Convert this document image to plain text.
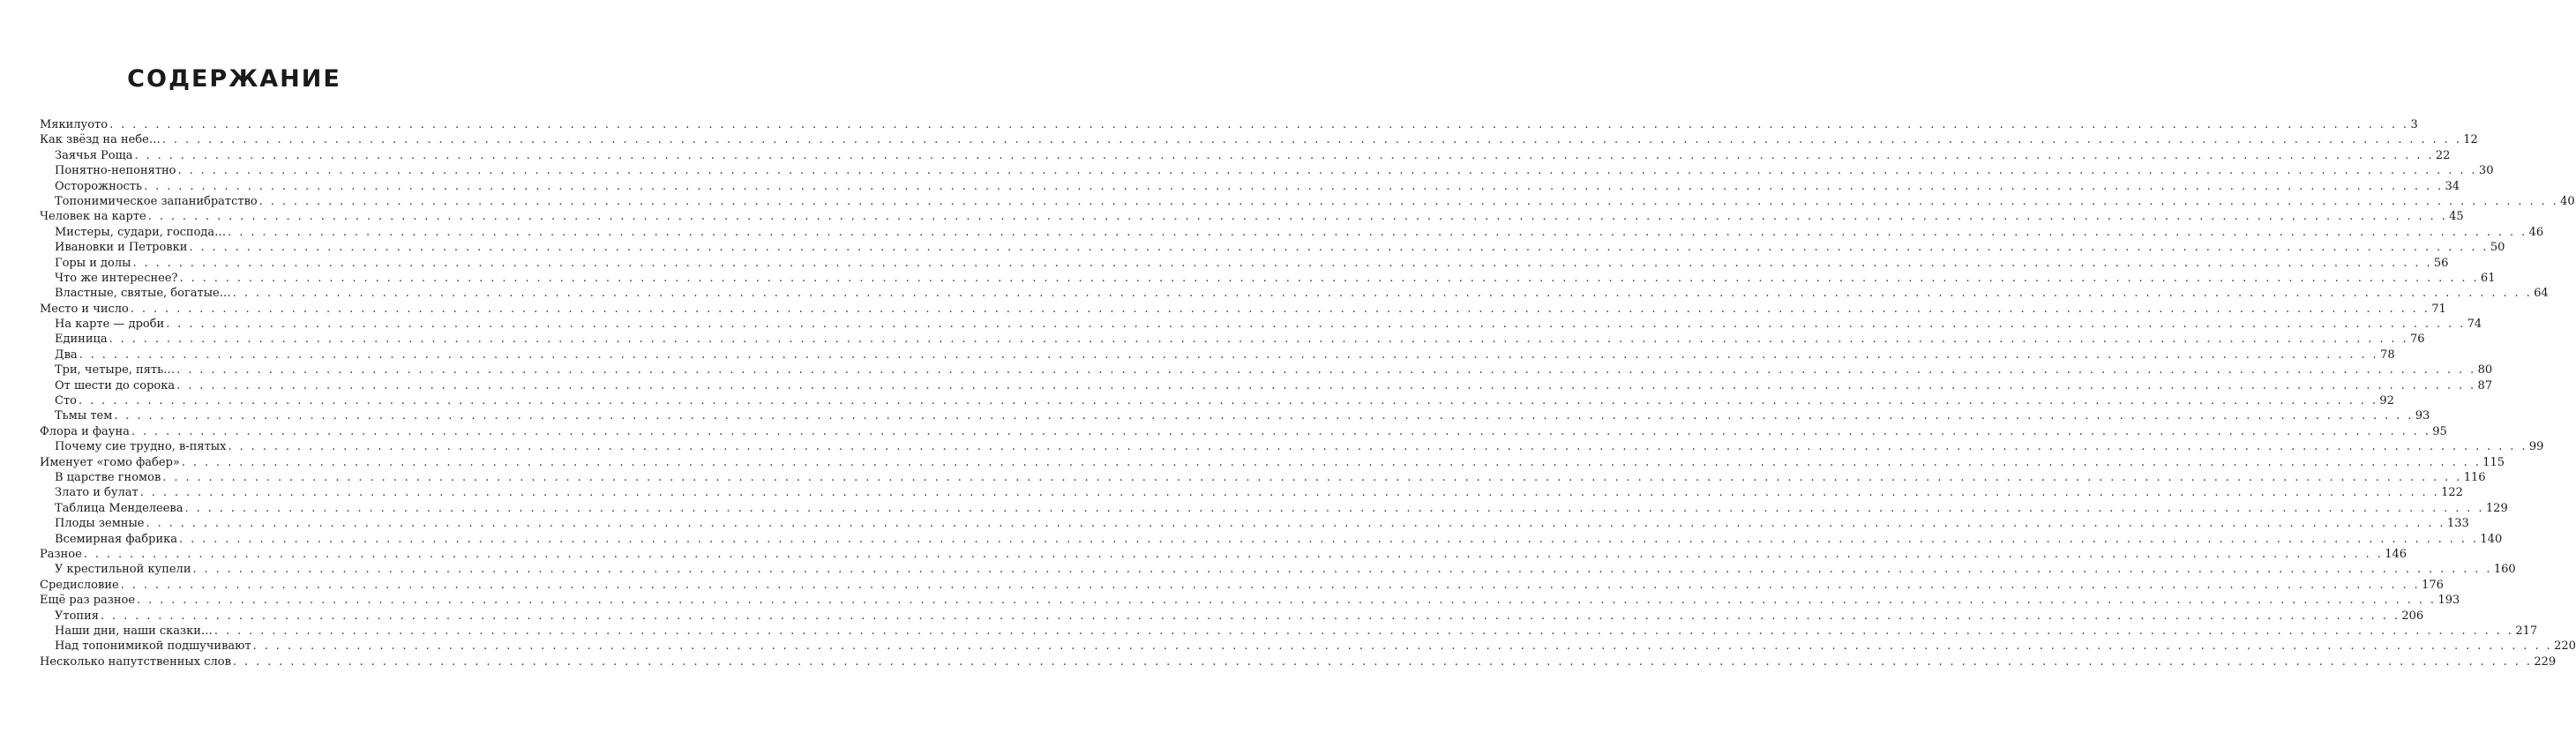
СОДЕРЖАНИЕ
Мякилуото . . . . . . . . . . . . . . . . . . . . . . . . . . . . . . . . . . . . . . . . . . . . . . . . . . . . . . . . . . . . . . . . . . . . . . . . . . . . . . . . . . . . . . . . . . . . . . . . . . . . . . . . . . . . . . . . . . . . . . . . . . . . . . . . . . . . . . . . . . . . . . . . . . . . . . . . . . . . . . . . . . . . . . . . . . . . . . . . . . . . . . . . . . . . . . . . . . . . . . . . 3
Как звёзд на небе… . . . . . . . . . . . . . . . . . . . . . . . . . . . . . . . . . . . . . . . . . . . . . . . . . . . . . . . . . . . . . . . . . . . . . . . . . . . . . . . . . . . . . . . . . . . . . . . . . . . . . . . . . . . . . . . . . . . . . . . . . . . . . . . . . . . . . . . . . . . . . . . . . . . . . . . . . . . . . . . . . . . . . . . . . . . . . . . . . . . . . . . . . . . . . . . . . . . . . . . . 12
Заячья Роща . . . . . . . . . . . . . . . . . . . . . . . . . . . . . . . . . . . . . . . . . . . . . . . . . . . . . . . . . . . . . . . . . . . . . . . . . . . . . . . . . . . . . . . . . . . . . . . . . . . . . . . . . . . . . . . . . . . . . . . . . . . . . . . . . . . . . . . . . . . . . . . . . . . . . . . . . . . . . . . . . . . . . . . . . . . . . . . . . . . . . . . . . . . . . . . . . . . . . . . . 22
Понятно-непонятно . . . . . . . . . . . . . . . . . . . . . . . . . . . . . . . . . . . . . . . . . . . . . . . . . . . . . . . . . . . . . . . . . . . . . . . . . . . . . . . . . . . . . . . . . . . . . . . . . . . . . . . . . . . . . . . . . . . . . . . . . . . . . . . . . . . . . . . . . . . . . . . . . . . . . . . . . . . . . . . . . . . . . . . . . . . . . . . . . . . . . . . . . . . . . . . . . . . . . . . . 30
Осторожность . . . . . . . . . . . . . . . . . . . . . . . . . . . . . . . . . . . . . . . . . . . . . . . . . . . . . . . . . . . . . . . . . . . . . . . . . . . . . . . . . . . . . . . . . . . . . . . . . . . . . . . . . . . . . . . . . . . . . . . . . . . . . . . . . . . . . . . . . . . . . . . . . . . . . . . . . . . . . . . . . . . . . . . . . . . . . . . . . . . . . . . . . . . . . . . . . . . . . . . . 34
Топонимическое запанибратство . . . . . . . . . . . . . . . . . . . . . . . . . . . . . . . . . . . . . . . . . . . . . . . . . . . . . . . . . . . . . . . . . . . . . . . . . . . . . . . . . . . . . . . . . . . . . . . . . . . . . . . . . . . . . . . . . . . . . . . . . . . . . . . . . . . . . . . . . . . . . . . . . . . . . . . . . . . . . . . . . . . . . . . . . . . . . . . . . . . . . . . . . . . . . . . . . . . . . . . . 40
Человек на карте . . . . . . . . . . . . . . . . . . . . . . . . . . . . . . . . . . . . . . . . . . . . . . . . . . . . . . . . . . . . . . . . . . . . . . . . . . . . . . . . . . . . . . . . . . . . . . . . . . . . . . . . . . . . . . . . . . . . . . . . . . . . . . . . . . . . . . . . . . . . . . . . . . . . . . . . . . . . . . . . . . . . . . . . . . . . . . . . . . . . . . . . . . . . . . . . . . . . . . . . 45
Мистеры, судари, господа… . . . . . . . . . . . . . . . . . . . . . . . . . . . . . . . . . . . . . . . . . . . . . . . . . . . . . . . . . . . . . . . . . . . . . . . . . . . . . . . . . . . . . . . . . . . . . . . . . . . . . . . . . . . . . . . . . . . . . . . . . . . . . . . . . . . . . . . . . . . . . . . . . . . . . . . . . . . . . . . . . . . . . . . . . . . . . . . . . . . . . . . . . . . . . . . . . . . . . . . . 46
Ивановки и Петровки . . . . . . . . . . . . . . . . . . . . . . . . . . . . . . . . . . . . . . . . . . . . . . . . . . . . . . . . . . . . . . . . . . . . . . . . . . . . . . . . . . . . . . . . . . . . . . . . . . . . . . . . . . . . . . . . . . . . . . . . . . . . . . . . . . . . . . . . . . . . . . . . . . . . . . . . . . . . . . . . . . . . . . . . . . . . . . . . . . . . . . . . . . . . . . . . . . . . . . . . 50
Горы и долы . . . . . . . . . . . . . . . . . . . . . . . . . . . . . . . . . . . . . . . . . . . . . . . . . . . . . . . . . . . . . . . . . . . . . . . . . . . . . . . . . . . . . . . . . . . . . . . . . . . . . . . . . . . . . . . . . . . . . . . . . . . . . . . . . . . . . . . . . . . . . . . . . . . . . . . . . . . . . . . . . . . . . . . . . . . . . . . . . . . . . . . . . . . . . . . . . . . . . . . . 56
Что же интереснее? . . . . . . . . . . . . . . . . . . . . . . . . . . . . . . . . . . . . . . . . . . . . . . . . . . . . . . . . . . . . . . . . . . . . . . . . . . . . . . . . . . . . . . . . . . . . . . . . . . . . . . . . . . . . . . . . . . . . . . . . . . . . . . . . . . . . . . . . . . . . . . . . . . . . . . . . . . . . . . . . . . . . . . . . . . . . . . . . . . . . . . . . . . . . . . . . . . . . . . . . 61
Властные, святые, богатые… . . . . . . . . . . . . . . . . . . . . . . . . . . . . . . . . . . . . . . . . . . . . . . . . . . . . . . . . . . . . . . . . . . . . . . . . . . . . . . . . . . . . . . . . . . . . . . . . . . . . . . . . . . . . . . . . . . . . . . . . . . . . . . . . . . . . . . . . . . . . . . . . . . . . . . . . . . . . . . . . . . . . . . . . . . . . . . . . . . . . . . . . . . . . . . . . . . . . . . . . 64
Место и число . . . . . . . . . . . . . . . . . . . . . . . . . . . . . . . . . . . . . . . . . . . . . . . . . . . . . . . . . . . . . . . . . . . . . . . . . . . . . . . . . . . . . . . . . . . . . . . . . . . . . . . . . . . . . . . . . . . . . . . . . . . . . . . . . . . . . . . . . . . . . . . . . . . . . . . . . . . . . . . . . . . . . . . . . . . . . . . . . . . . . . . . . . . . . . . . . . . . . . . . 71
На карте — дроби . . . . . . . . . . . . . . . . . . . . . . . . . . . . . . . . . . . . . . . . . . . . . . . . . . . . . . . . . . . . . . . . . . . . . . . . . . . . . . . . . . . . . . . . . . . . . . . . . . . . . . . . . . . . . . . . . . . . . . . . . . . . . . . . . . . . . . . . . . . . . . . . . . . . . . . . . . . . . . . . . . . . . . . . . . . . . . . . . . . . . . . . . . . . . . . . . . . . . . . . 74
Единица . . . . . . . . . . . . . . . . . . . . . . . . . . . . . . . . . . . . . . . . . . . . . . . . . . . . . . . . . . . . . . . . . . . . . . . . . . . . . . . . . . . . . . . . . . . . . . . . . . . . . . . . . . . . . . . . . . . . . . . . . . . . . . . . . . . . . . . . . . . . . . . . . . . . . . . . . . . . . . . . . . . . . . . . . . . . . . . . . . . . . . . . . . . . . . . . . . . . . . . . 76
Два . . . . . . . . . . . . . . . . . . . . . . . . . . . . . . . . . . . . . . . . . . . . . . . . . . . . . . . . . . . . . . . . . . . . . . . . . . . . . . . . . . . . . . . . . . . . . . . . . . . . . . . . . . . . . . . . . . . . . . . . . . . . . . . . . . . . . . . . . . . . . . . . . . . . . . . . . . . . . . . . . . . . . . . . . . . . . . . . . . . . . . . . . . . . . . . . . . . . . . . . 78
Три, четыре, пять… . . . . . . . . . . . . . . . . . . . . . . . . . . . . . . . . . . . . . . . . . . . . . . . . . . . . . . . . . . . . . . . . . . . . . . . . . . . . . . . . . . . . . . . . . . . . . . . . . . . . . . . . . . . . . . . . . . . . . . . . . . . . . . . . . . . . . . . . . . . . . . . . . . . . . . . . . . . . . . . . . . . . . . . . . . . . . . . . . . . . . . . . . . . . . . . . . . . . . . . . 80
От шести до сорока . . . . . . . . . . . . . . . . . . . . . . . . . . . . . . . . . . . . . . . . . . . . . . . . . . . . . . . . . . . . . . . . . . . . . . . . . . . . . . . . . . . . . . . . . . . . . . . . . . . . . . . . . . . . . . . . . . . . . . . . . . . . . . . . . . . . . . . . . . . . . . . . . . . . . . . . . . . . . . . . . . . . . . . . . . . . . . . . . . . . . . . . . . . . . . . . . . . . . . . . 87
Сто . . . . . . . . . . . . . . . . . . . . . . . . . . . . . . . . . . . . . . . . . . . . . . . . . . . . . . . . . . . . . . . . . . . . . . . . . . . . . . . . . . . . . . . . . . . . . . . . . . . . . . . . . . . . . . . . . . . . . . . . . . . . . . . . . . . . . . . . . . . . . . . . . . . . . . . . . . . . . . . . . . . . . . . . . . . . . . . . . . . . . . . . . . . . . . . . . . . . . . . . 92
Тьмы тем . . . . . . . . . . . . . . . . . . . . . . . . . . . . . . . . . . . . . . . . . . . . . . . . . . . . . . . . . . . . . . . . . . . . . . . . . . . . . . . . . . . . . . . . . . . . . . . . . . . . . . . . . . . . . . . . . . . . . . . . . . . . . . . . . . . . . . . . . . . . . . . . . . . . . . . . . . . . . . . . . . . . . . . . . . . . . . . . . . . . . . . . . . . . . . . . . . . . . . . . 93
Флора и фауна . . . . . . . . . . . . . . . . . . . . . . . . . . . . . . . . . . . . . . . . . . . . . . . . . . . . . . . . . . . . . . . . . . . . . . . . . . . . . . . . . . . . . . . . . . . . . . . . . . . . . . . . . . . . . . . . . . . . . . . . . . . . . . . . . . . . . . . . . . . . . . . . . . . . . . . . . . . . . . . . . . . . . . . . . . . . . . . . . . . . . . . . . . . . . . . . . . . . . . . . 95
Почему сие трудно, в-пятых . . . . . . . . . . . . . . . . . . . . . . . . . . . . . . . . . . . . . . . . . . . . . . . . . . . . . . . . . . . . . . . . . . . . . . . . . . . . . . . . . . . . . . . . . . . . . . . . . . . . . . . . . . . . . . . . . . . . . . . . . . . . . . . . . . . . . . . . . . . . . . . . . . . . . . . . . . . . . . . . . . . . . . . . . . . . . . . . . . . . . . . . . . . . . . . . . . . . . . . . 99
Именует «гомо фабер» . . . . . . . . . . . . . . . . . . . . . . . . . . . . . . . . . . . . . . . . . . . . . . . . . . . . . . . . . . . . . . . . . . . . . . . . . . . . . . . . . . . . . . . . . . . . . . . . . . . . . . . . . . . . . . . . . . . . . . . . . . . . . . . . . . . . . . . . . . . . . . . . . . . . . . . . . . . . . . . . . . . . . . . . . . . . . . . . . . . . . . . . . . . . . . . . . . . . . . . . 115
В царстве гномов . . . . . . . . . . . . . . . . . . . . . . . . . . . . . . . . . . . . . . . . . . . . . . . . . . . . . . . . . . . . . . . . . . . . . . . . . . . . . . . . . . . . . . . . . . . . . . . . . . . . . . . . . . . . . . . . . . . . . . . . . . . . . . . . . . . . . . . . . . . . . . . . . . . . . . . . . . . . . . . . . . . . . . . . . . . . . . . . . . . . . . . . . . . . . . . . . . . . . . . . 116
Злато и булат . . . . . . . . . . . . . . . . . . . . . . . . . . . . . . . . . . . . . . . . . . . . . . . . . . . . . . . . . . . . . . . . . . . . . . . . . . . . . . . . . . . . . . . . . . . . . . . . . . . . . . . . . . . . . . . . . . . . . . . . . . . . . . . . . . . . . . . . . . . . . . . . . . . . . . . . . . . . . . . . . . . . . . . . . . . . . . . . . . . . . . . . . . . . . . . . . . . . . . . . 122
Таблица Менделеева . . . . . . . . . . . . . . . . . . . . . . . . . . . . . . . . . . . . . . . . . . . . . . . . . . . . . . . . . . . . . . . . . . . . . . . . . . . . . . . . . . . . . . . . . . . . . . . . . . . . . . . . . . . . . . . . . . . . . . . . . . . . . . . . . . . . . . . . . . . . . . . . . . . . . . . . . . . . . . . . . . . . . . . . . . . . . . . . . . . . . . . . . . . . . . . . . . . . . . . . 129
Плоды земные . . . . . . . . . . . . . . . . . . . . . . . . . . . . . . . . . . . . . . . . . . . . . . . . . . . . . . . . . . . . . . . . . . . . . . . . . . . . . . . . . . . . . . . . . . . . . . . . . . . . . . . . . . . . . . . . . . . . . . . . . . . . . . . . . . . . . . . . . . . . . . . . . . . . . . . . . . . . . . . . . . . . . . . . . . . . . . . . . . . . . . . . . . . . . . . . . . . . . . . . 133
Всемирная фабрика . . . . . . . . . . . . . . . . . . . . . . . . . . . . . . . . . . . . . . . . . . . . . . . . . . . . . . . . . . . . . . . . . . . . . . . . . . . . . . . . . . . . . . . . . . . . . . . . . . . . . . . . . . . . . . . . . . . . . . . . . . . . . . . . . . . . . . . . . . . . . . . . . . . . . . . . . . . . . . . . . . . . . . . . . . . . . . . . . . . . . . . . . . . . . . . . . . . . . . . . 140
Разное . . . . . . . . . . . . . . . . . . . . . . . . . . . . . . . . . . . . . . . . . . . . . . . . . . . . . . . . . . . . . . . . . . . . . . . . . . . . . . . . . . . . . . . . . . . . . . . . . . . . . . . . . . . . . . . . . . . . . . . . . . . . . . . . . . . . . . . . . . . . . . . . . . . . . . . . . . . . . . . . . . . . . . . . . . . . . . . . . . . . . . . . . . . . . . . . . . . . . . . . 146
У крестильной купели . . . . . . . . . . . . . . . . . . . . . . . . . . . . . . . . . . . . . . . . . . . . . . . . . . . . . . . . . . . . . . . . . . . . . . . . . . . . . . . . . . . . . . . . . . . . . . . . . . . . . . . . . . . . . . . . . . . . . . . . . . . . . . . . . . . . . . . . . . . . . . . . . . . . . . . . . . . . . . . . . . . . . . . . . . . . . . . . . . . . . . . . . . . . . . . . . . . . . . . . 160
Средисловие . . . . . . . . . . . . . . . . . . . . . . . . . . . . . . . . . . . . . . . . . . . . . . . . . . . . . . . . . . . . . . . . . . . . . . . . . . . . . . . . . . . . . . . . . . . . . . . . . . . . . . . . . . . . . . . . . . . . . . . . . . . . . . . . . . . . . . . . . . . . . . . . . . . . . . . . . . . . . . . . . . . . . . . . . . . . . . . . . . . . . . . . . . . . . . . . . . . . . . . . 176
Ещё раз разное . . . . . . . . . . . . . . . . . . . . . . . . . . . . . . . . . . . . . . . . . . . . . . . . . . . . . . . . . . . . . . . . . . . . . . . . . . . . . . . . . . . . . . . . . . . . . . . . . . . . . . . . . . . . . . . . . . . . . . . . . . . . . . . . . . . . . . . . . . . . . . . . . . . . . . . . . . . . . . . . . . . . . . . . . . . . . . . . . . . . . . . . . . . . . . . . . . . . . . . . 193
Утопия . . . . . . . . . . . . . . . . . . . . . . . . . . . . . . . . . . . . . . . . . . . . . . . . . . . . . . . . . . . . . . . . . . . . . . . . . . . . . . . . . . . . . . . . . . . . . . . . . . . . . . . . . . . . . . . . . . . . . . . . . . . . . . . . . . . . . . . . . . . . . . . . . . . . . . . . . . . . . . . . . . . . . . . . . . . . . . . . . . . . . . . . . . . . . . . . . . . . . . . . 206
Наши дни, наши сказки… . . . . . . . . . . . . . . . . . . . . . . . . . . . . . . . . . . . . . . . . . . . . . . . . . . . . . . . . . . . . . . . . . . . . . . . . . . . . . . . . . . . . . . . . . . . . . . . . . . . . . . . . . . . . . . . . . . . . . . . . . . . . . . . . . . . . . . . . . . . . . . . . . . . . . . . . . . . . . . . . . . . . . . . . . . . . . . . . . . . . . . . . . . . . . . . . . . . . . . . . 217
Над топонимикой подшучивают . . . . . . . . . . . . . . . . . . . . . . . . . . . . . . . . . . . . . . . . . . . . . . . . . . . . . . . . . . . . . . . . . . . . . . . . . . . . . . . . . . . . . . . . . . . . . . . . . . . . . . . . . . . . . . . . . . . . . . . . . . . . . . . . . . . . . . . . . . . . . . . . . . . . . . . . . . . . . . . . . . . . . . . . . . . . . . . . . . . . . . . . . . . . . . . . . . . . . . . . 220
Несколько напутственных слов . . . . . . . . . . . . . . . . . . . . . . . . . . . . . . . . . . . . . . . . . . . . . . . . . . . . . . . . . . . . . . . . . . . . . . . . . . . . . . . . . . . . . . . . . . . . . . . . . . . . . . . . . . . . . . . . . . . . . . . . . . . . . . . . . . . . . . . . . . . . . . . . . . . . . . . . . . . . . . . . . . . . . . . . . . . . . . . . . . . . . . . . . . . . . . . . . . . . . . . . 229
